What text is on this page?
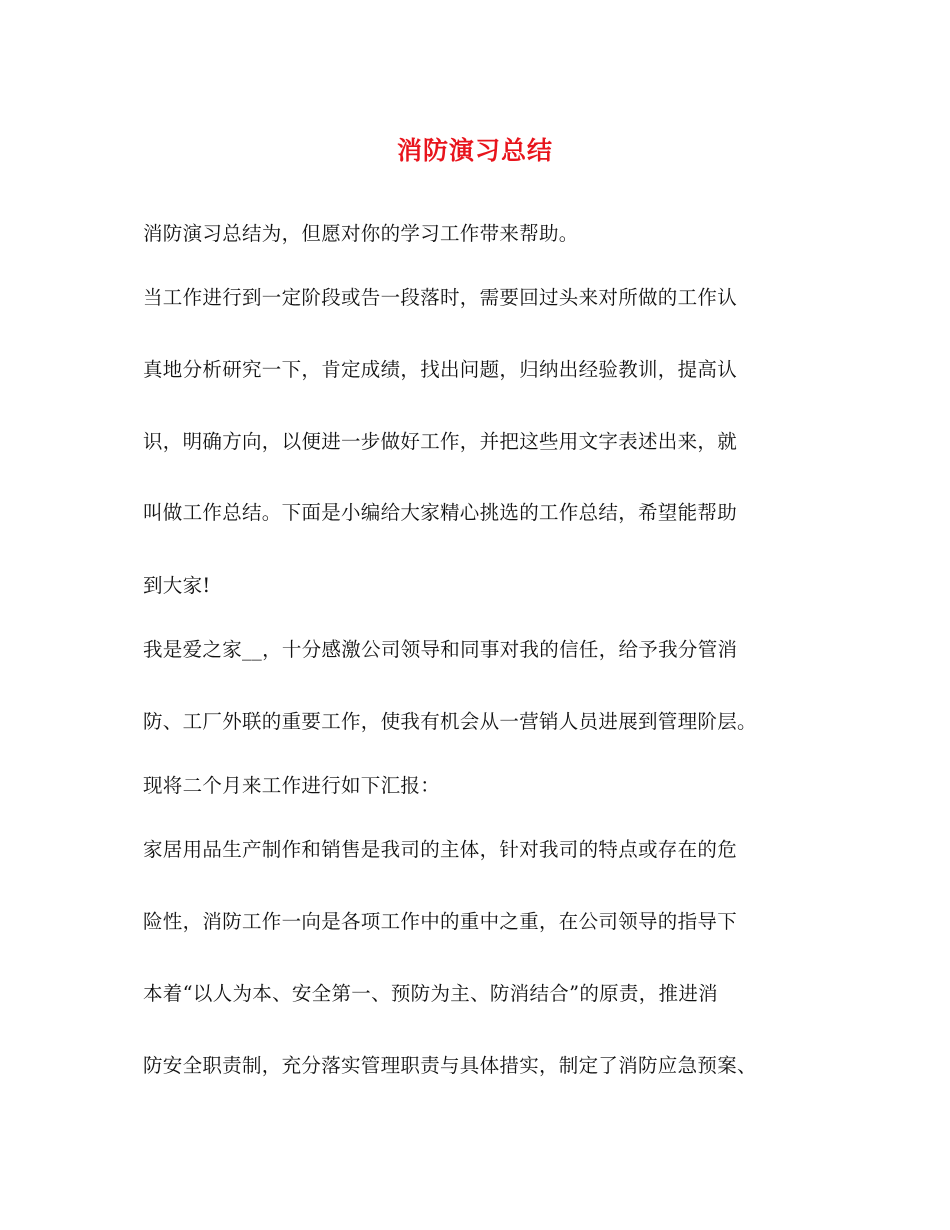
消防演习总结
消防演习总结为，但愿对你的学习工作带来帮助。
当工作进行到一定阶段或告一段落时，需要回过头来对所做的工作认
真地分析研究一下，肯定成绩，找出问题，归纳出经验教训，提高认
识，明确方向，以便进一步做好工作，并把这些用文字表述出来，就
叫做工作总结。下面是小编给大家精心挑选的工作总结，希望能帮助
到大家!
我是爱之家__，十分感激公司领导和同事对我的信任，给予我分管消
防、工厂外联的重要工作，使我有机会从一营销人员进展到管理阶层。
现将二个月来工作进行如下汇报：
家居用品生产制作和销售是我司的主体，针对我司的特点或存在的危
险性，消防工作一向是各项工作中的重中之重，在公司领导的指导下
本着“以人为本、安全第一、预防为主、防消结合”的原责，推进消
防安全职责制，充分落实管理职责与具体措实，制定了消防应急预案、
